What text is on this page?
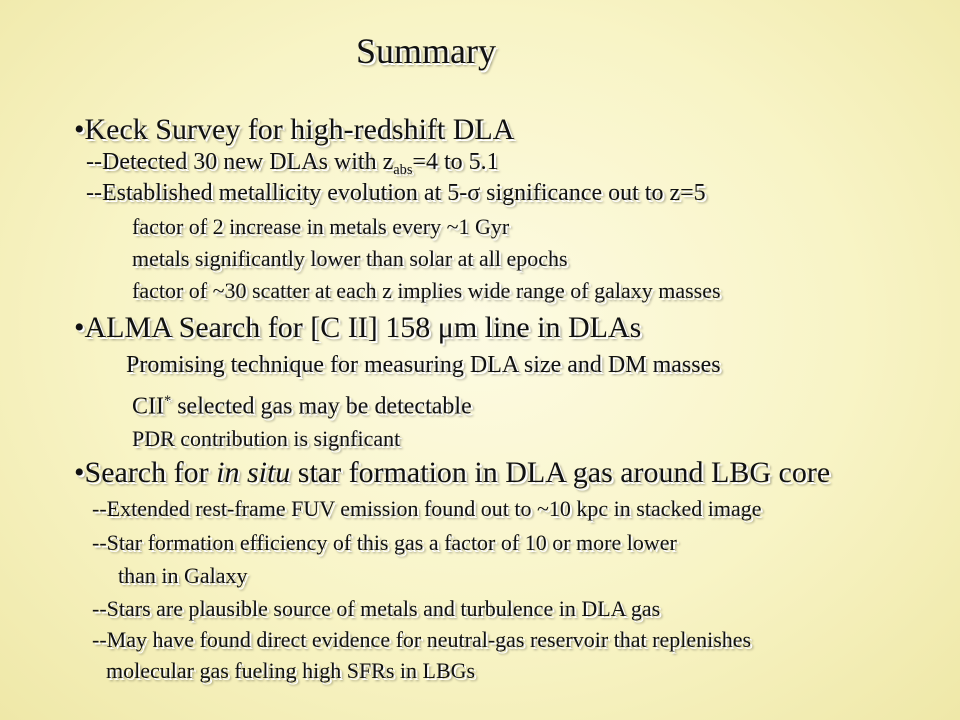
Summary

•Keck Survey for high-redshift DLA

--Detected 30 new DLAs with $z_{abs}=4$ to 5.1

--Established metallicity evolution at 5-σ significance out to z=5

factor of 2 increase in metals every ~1 Gyr

metals significantly lower than solar at all epochs

factor of ~30 scatter at each z implies wide range of galaxy masses

•ALMA Search for [C II] 158 μm line in DLAs

Promising technique for measuring DLA size and DM masses

CII* selected gas may be detectable

PDR contribution is signficant

•Search for in situ star formation in DLA gas around LBG core

--Extended rest-frame FUV emission found out to ~10 kpc in stacked image

--Star formation efficiency of this gas a factor of 10 or more lower

than in Galaxy

--Stars are plausible source of metals and turbulence in DLA gas

--May have found direct evidence for neutral-gas reservoir that replenishes

molecular gas fueling high SFRs in LBGs
